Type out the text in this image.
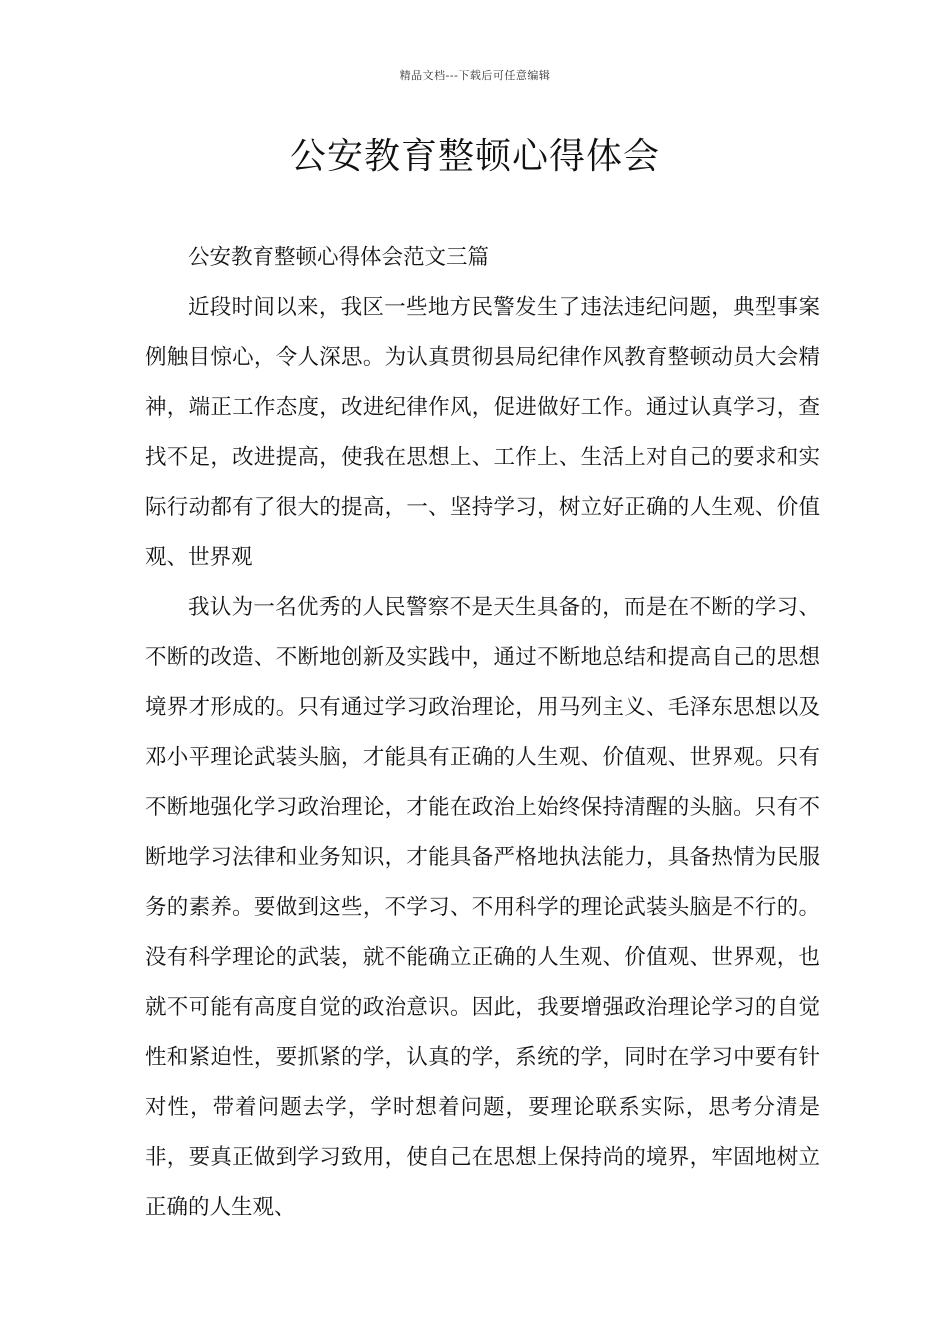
精品文档---下载后可任意编辑
公安教育整顿心得体会

公安教育整顿心得体会范文三篇

近段时间以来，我区一些地方民警发生了违法违纪问题，典型事案例触目惊心，令人深思。为认真贯彻县局纪律作风教育整顿动员大会精神，端正工作态度，改进纪律作风，促进做好工作。通过认真学习，查找不足，改进提高，使我在思想上、工作上、生活上对自己的要求和实际行动都有了很大的提高，一、坚持学习，树立好正确的人生观、价值观、世界观

我认为一名优秀的人民警察不是天生具备的，而是在不断的学习、不断的改造、不断地创新及实践中，通过不断地总结和提高自己的思想境界才形成的。只有通过学习政治理论，用马列主义、毛泽东思想以及邓小平理论武装头脑，才能具有正确的人生观、价值观、世界观。只有不断地强化学习政治理论，才能在政治上始终保持清醒的头脑。只有不断地学习法律和业务知识，才能具备严格地执法能力，具备热情为民服务的素养。要做到这些，不学习、不用科学的理论武装头脑是不行的。没有科学理论的武装，就不能确立正确的人生观、价值观、世界观，也就不可能有高度自觉的政治意识。因此，我要增强政治理论学习的自觉性和紧迫性，要抓紧的学，认真的学，系统的学，同时在学习中要有针对性，带着问题去学，学时想着问题，要理论联系实际，思考分清是非，要真正做到学习致用，使自己在思想上保持尚的境界，牢固地树立正确的人生观、
